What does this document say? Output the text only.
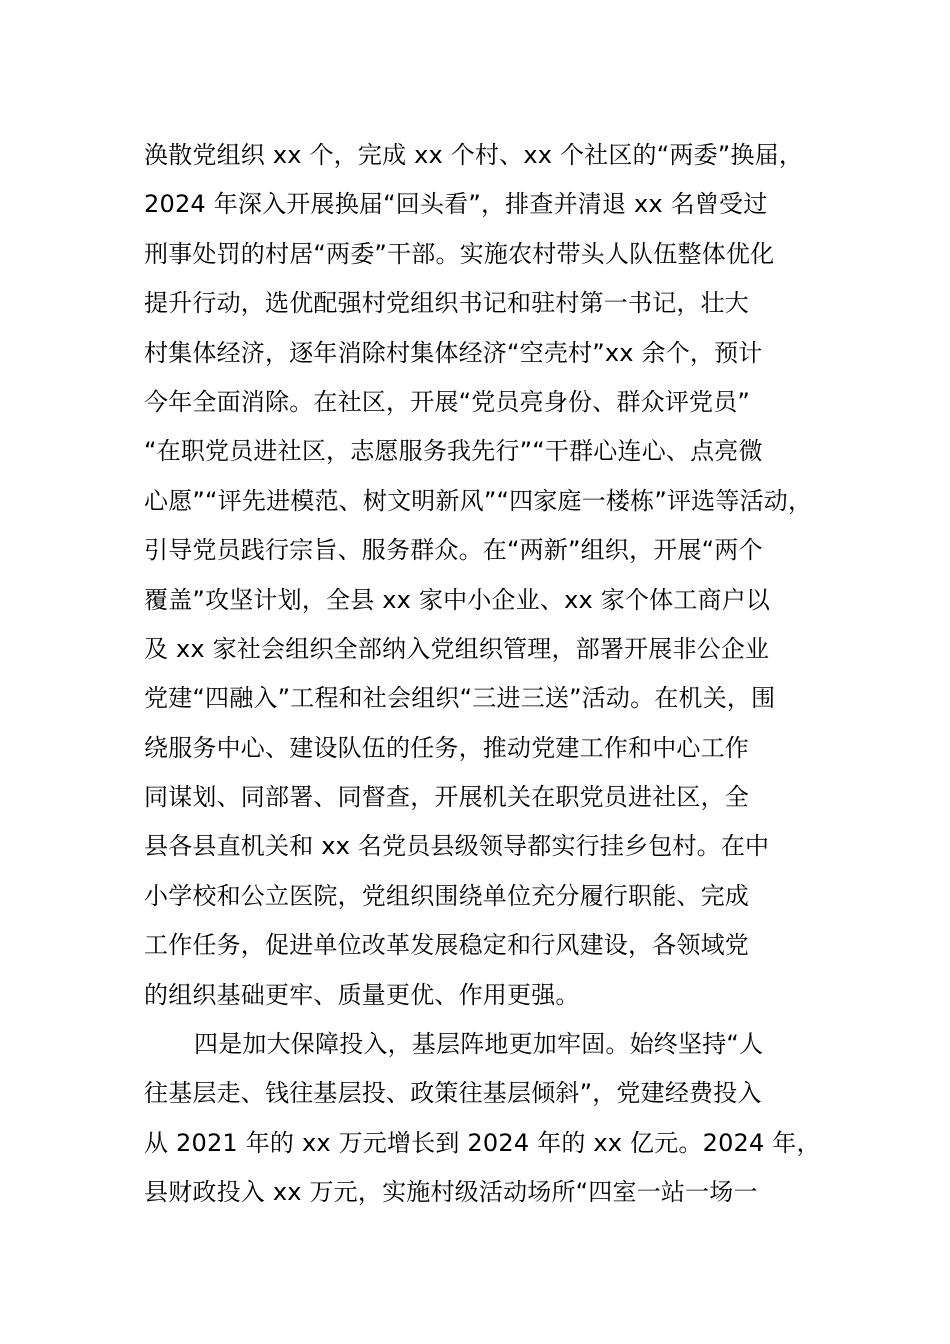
涣散党组织 xx 个，完成 xx 个村、xx 个社区的“两委”换届，
2024 年深入开展换届“回头看”，排查并清退 xx 名曾受过
刑事处罚的村居“两委”干部。实施农村带头人队伍整体优化
提升行动，选优配强村党组织书记和驻村第一书记，壮大
村集体经济，逐年消除村集体经济“空壳村”xx 余个，预计
今年全面消除。在社区，开展“党员亮身份、群众评党员”
“在职党员进社区，志愿服务我先行”“干群心连心、点亮微
心愿”“评先进模范、树文明新风”“四家庭一楼栋”评选等活动，
引导党员践行宗旨、服务群众。在“两新”组织，开展“两个
覆盖”攻坚计划，全县 xx 家中小企业、xx 家个体工商户以
及 xx 家社会组织全部纳入党组织管理，部署开展非公企业
党建“四融入”工程和社会组织“三进三送”活动。在机关，围
绕服务中心、建设队伍的任务，推动党建工作和中心工作
同谋划、同部署、同督查，开展机关在职党员进社区，全
县各县直机关和 xx 名党员县级领导都实行挂乡包村。在中
小学校和公立医院，党组织围绕单位充分履行职能、完成
工作任务，促进单位改革发展稳定和行风建设，各领域党
的组织基础更牢、质量更优、作用更强。
四是加大保障投入，基层阵地更加牢固。始终坚持“人
往基层走、钱往基层投、政策往基层倾斜”，党建经费投入
从 2021 年的 xx 万元增长到 2024 年的 xx 亿元。2024 年，
县财政投入 xx 万元，实施村级活动场所“四室一站一场一
